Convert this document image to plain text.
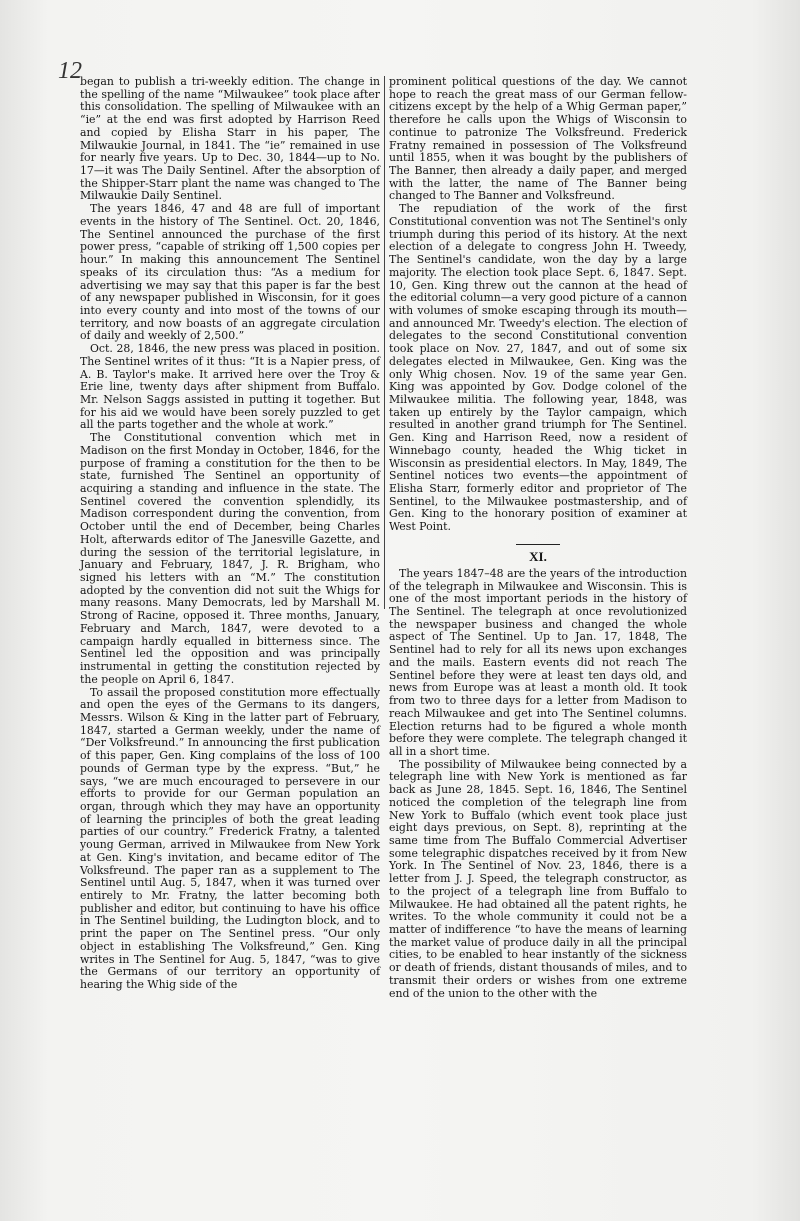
12

began to publish a tri-weekly edition. The change in the spelling of the name “Milwaukee” took place after this consolidation. The spelling of Milwaukee with an “ie” at the end was first adopted by Harrison Reed and copied by Elisha Starr in his paper, The Milwaukie Journal, in 1841. The “ie” remained in use for nearly five years. Up to Dec. 30, 1844—up to No. 17—it was The Daily Sentinel. After the absorption of the Shipper-Starr plant the name was changed to The Milwaukie Daily Sentinel.

The years 1846, 47 and 48 are full of important events in the history of The Sentinel. Oct. 20, 1846, The Sentinel announced the purchase of the first power press, “capable of striking off 1,500 copies per hour.” In making this announcement The Sentinel speaks of its circulation thus: “As a medium for advertising we may say that this paper is far the best of any newspaper published in Wisconsin, for it goes into every county and into most of the towns of our territory, and now boasts of an aggregate circulation of daily and weekly of 2,500.”

Oct. 28, 1846, the new press was placed in position. The Sentinel writes of it thus: “It is a Napier press, of A. B. Taylor's make. It arrived here over the Troy & Erie line, twenty days after shipment from Buffalo. Mr. Nelson Saggs assisted in putting it together. But for his aid we would have been sorely puzzled to get all the parts together and the whole at work.”

The Constitutional convention which met in Madison on the first Monday in October, 1846, for the purpose of framing a constitution for the then to be state, furnished The Sentinel an opportunity of acquiring a standing and influence in the state. The Sentinel covered the convention splendidly, its Madison correspondent during the convention, from October until the end of December, being Charles Holt, afterwards editor of The Janesville Gazette, and during the session of the territorial legislature, in January and February, 1847, J. R. Brigham, who signed his letters with an “M.” The constitution adopted by the convention did not suit the Whigs for many reasons. Many Democrats, led by Marshall M. Strong of Racine, opposed it. Three months, January, February and March, 1847, were devoted to a campaign hardly equalled in bitterness since. The Sentinel led the opposition and was principally instrumental in getting the constitution rejected by the people on April 6, 1847.

To assail the proposed constitution more effectually and open the eyes of the Germans to its dangers, Messrs. Wilson & King in the latter part of February, 1847, started a German weekly, under the name of “Der Volksfreund.” In announcing the first publication of this paper, Gen. King complains of the loss of 100 pounds of German type by the express. “But,” he says, “we are much encouraged to persevere in our efforts to provide for our German population an organ, through which they may have an opportunity of learning the principles of both the great leading parties of our country.” Frederick Fratny, a talented young German, arrived in Milwaukee from New York at Gen. King's invitation, and became editor of The Volksfreund. The paper ran as a supplement to The Sentinel until Aug. 5, 1847, when it was turned over entirely to Mr. Fratny, the latter becoming both publisher and editor, but continuing to have his office in The Sentinel building, the Ludington block, and to print the paper on The Sentinel press. “Our only object in establishing The Volksfreund,” Gen. King writes in The Sentinel for Aug. 5, 1847, “was to give the Germans of our territory an opportunity of hearing the Whig side of the

prominent political questions of the day. We cannot hope to reach the great mass of our German fellow-citizens except by the help of a Whig German paper,” therefore he calls upon the Whigs of Wisconsin to continue to patronize The Volksfreund. Frederick Fratny remained in possession of The Volksfreund until 1855, when it was bought by the publishers of The Banner, then already a daily paper, and merged with the latter, the name of The Banner being changed to The Banner and Volksfreund.

The repudiation of the work of the first Constitutional convention was not The Sentinel's only triumph during this period of its history. At the next election of a delegate to congress John H. Tweedy, The Sentinel's candidate, won the day by a large majority. The election took place Sept. 6, 1847. Sept. 10, Gen. King threw out the cannon at the head of the editorial column—a very good picture of a cannon with volumes of smoke escaping through its mouth—and announced Mr. Tweedy's election. The election of delegates to the second Constitutional convention took place on Nov. 27, 1847, and out of some six delegates elected in Milwaukee, Gen. King was the only Whig chosen. Nov. 19 of the same year Gen. King was appointed by Gov. Dodge colonel of the Milwaukee militia. The following year, 1848, was taken up entirely by the Taylor campaign, which resulted in another grand triumph for The Sentinel. Gen. King and Harrison Reed, now a resident of Winnebago county, headed the Whig ticket in Wisconsin as presidential electors. In May, 1849, The Sentinel notices two events—the appointment of Elisha Starr, formerly editor and proprietor of The Sentinel, to the Milwaukee postmastership, and of Gen. King to the honorary position of examiner at West Point.

XI.

The years 1847–48 are the years of the introduction of the telegraph in Milwaukee and Wisconsin. This is one of the most important periods in the history of The Sentinel. The telegraph at once revolutionized the newspaper business and changed the whole aspect of The Sentinel. Up to Jan. 17, 1848, The Sentinel had to rely for all its news upon exchanges and the mails. Eastern events did not reach The Sentinel before they were at least ten days old, and news from Europe was at least a month old. It took from two to three days for a letter from Madison to reach Milwaukee and get into The Sentinel columns. Election returns had to be figured a whole month before they were complete. The telegraph changed it all in a short time.

The possibility of Milwaukee being connected by a telegraph line with New York is mentioned as far back as June 28, 1845. Sept. 16, 1846, The Sentinel noticed the completion of the telegraph line from New York to Buffalo (which event took place just eight days previous, on Sept. 8), reprinting at the same time from The Buffalo Commercial Advertiser some telegraphic dispatches received by it from New York. In The Sentinel of Nov. 23, 1846, there is a letter from J. J. Speed, the telegraph constructor, as to the project of a telegraph line from Buffalo to Milwaukee. He had obtained all the patent rights, he writes. To the whole community it could not be a matter of indifference “to have the means of learning the market value of produce daily in all the principal cities, to be enabled to hear instantly of the sickness or death of friends, distant thousands of miles, and to transmit their orders or wishes from one extreme end of the union to the other with the
